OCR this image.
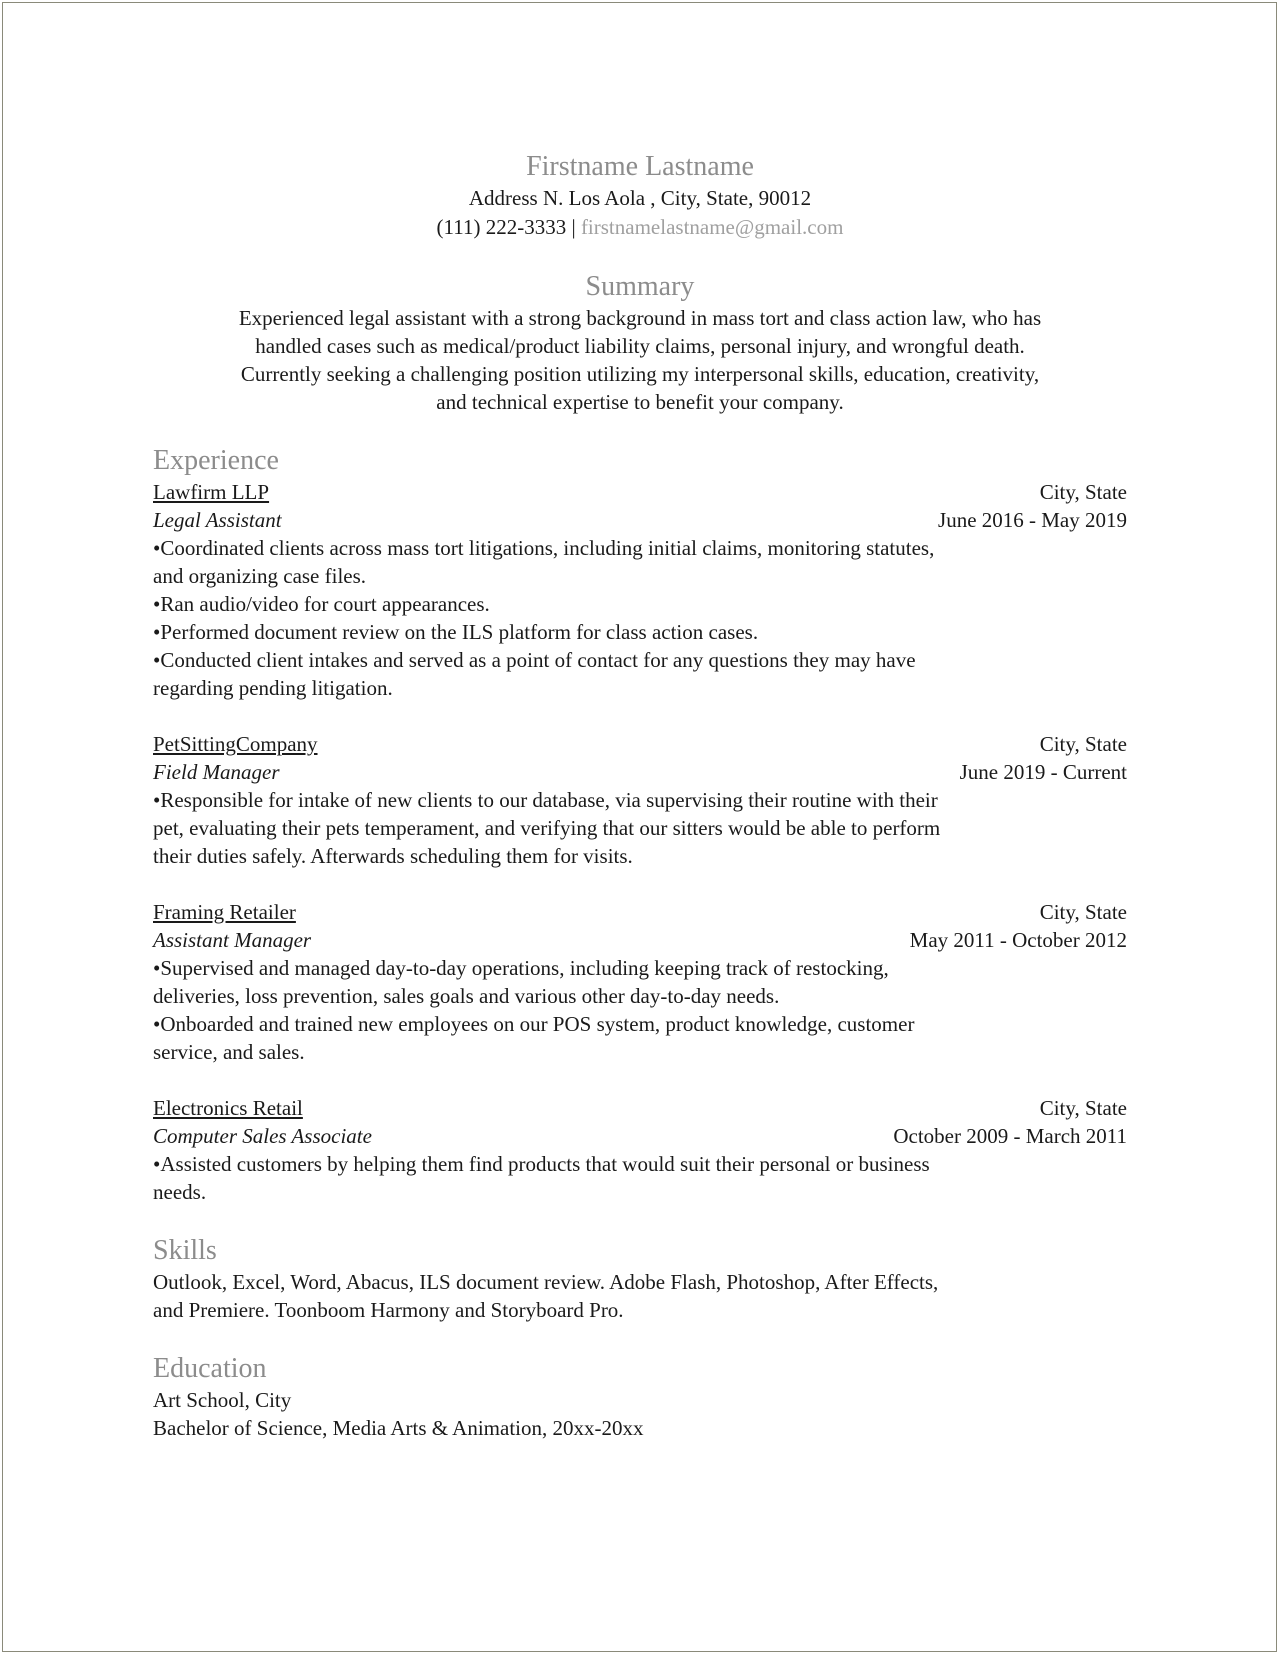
Firstname Lastname

Address N. Los Aola , City, State, 90012

(111) 222-3333 | firstnamelastname@gmail.com

Summary

Experienced legal assistant with a strong background in mass tort and class action law, who has

handled cases such as medical/product liability claims, personal injury, and wrongful death.

Currently seeking a challenging position utilizing my interpersonal skills, education, creativity,

and technical expertise to benefit your company.

Experience

Lawfirm LLP	City, State
Legal Assistant	June 2016 - May 2019

•Coordinated clients across mass tort litigations, including initial claims, monitoring statutes,

and organizing case files.

•Ran audio/video for court appearances.

•Performed document review on the ILS platform for class action cases.

•Conducted client intakes and served as a point of contact for any questions they may have

regarding pending litigation.

PetSittingCompany	City, State
Field Manager	June 2019 - Current

•Responsible for intake of new clients to our database, via supervising their routine with their

pet, evaluating their pets temperament, and verifying that our sitters would be able to perform

their duties safely. Afterwards scheduling them for visits.

Framing Retailer	City, State
Assistant Manager	May 2011 - October 2012

•Supervised and managed day-to-day operations, including keeping track of restocking,

deliveries, loss prevention, sales goals and various other day-to-day needs.

•Onboarded and trained new employees on our POS system, product knowledge, customer

service, and sales.

Electronics Retail	City, State
Computer Sales Associate	October 2009 - March 2011

•Assisted customers by helping them find products that would suit their personal or business

needs.

Skills

Outlook, Excel, Word, Abacus, ILS document review. Adobe Flash, Photoshop, After Effects,

and Premiere. Toonboom Harmony and Storyboard Pro.

Education

Art School, City

Bachelor of Science, Media Arts & Animation, 20xx-20xx
